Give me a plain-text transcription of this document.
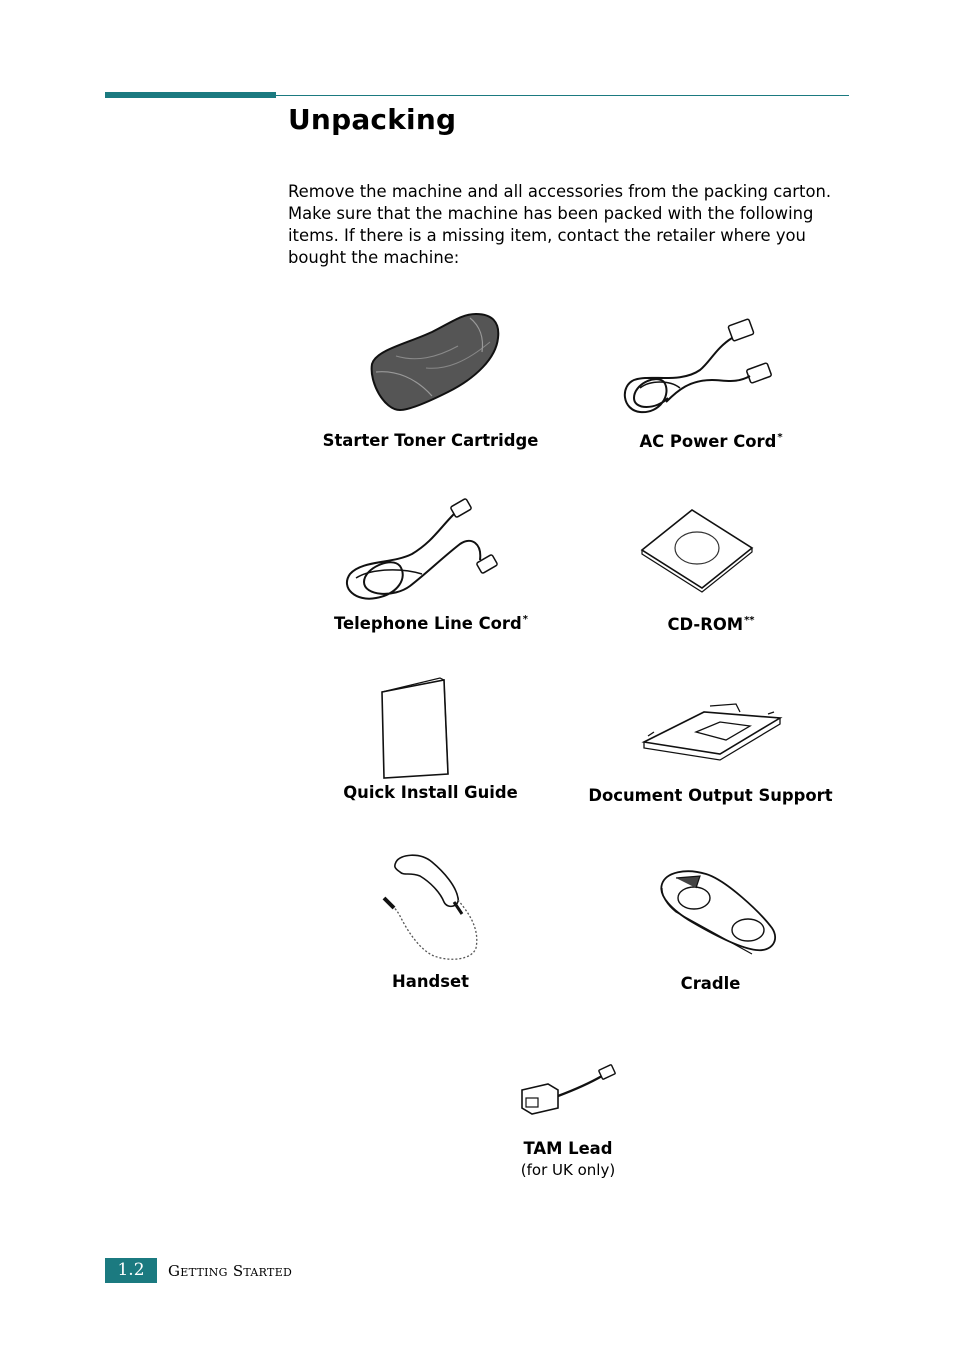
Unpacking

Remove the machine and all accessories from the packing carton. Make sure that the machine has been packed with the following items. If there is a missing item, contact the retailer where you bought the machine:

Starter Toner Cartridge	AC Power Cord*
Telephone Line Cord*	CD-ROM**
Quick Install Guide	Document Output Support
Handset	Cradle
TAM Lead
(for UK only)
1.2	Getting Started
